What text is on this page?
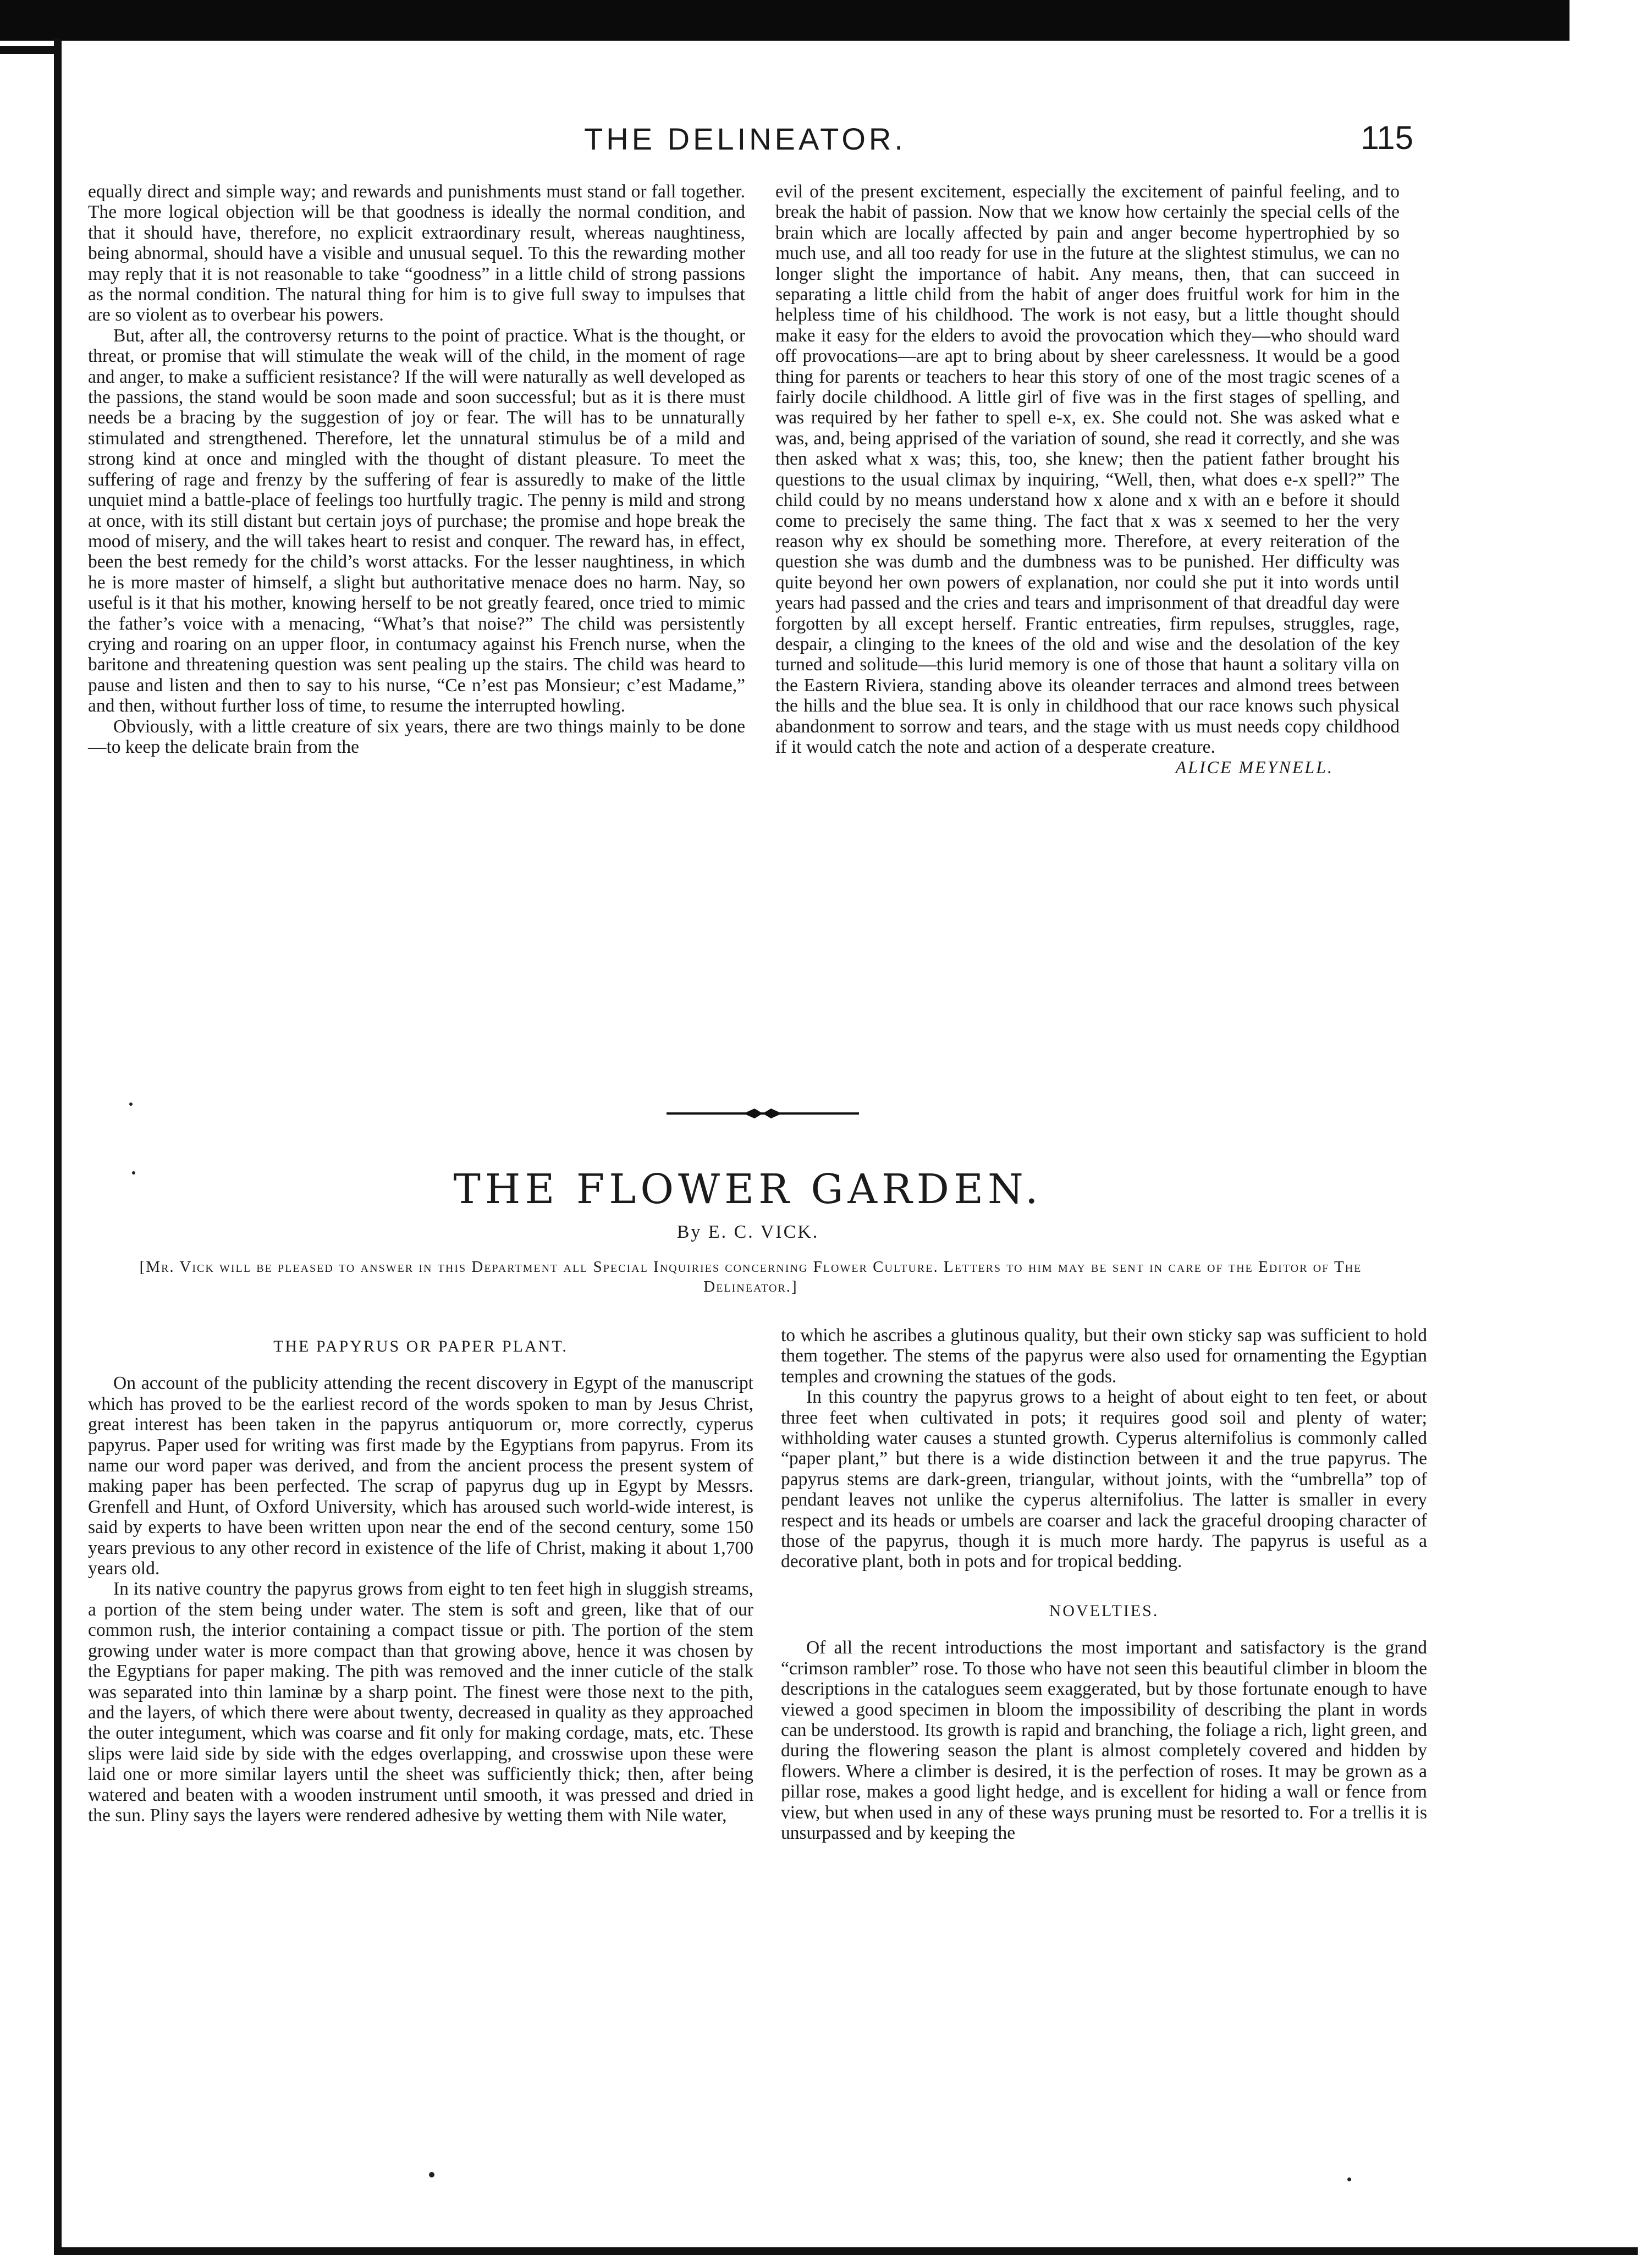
THE DELINEATOR.	115

equally direct and simple way; and rewards and punishments must stand or fall together. The more logical objection will be that goodness is ideally the normal condition, and that it should have, therefore, no explicit extraordinary result, whereas naughtiness, being abnormal, should have a visible and unusual sequel. To this the rewarding mother may reply that it is not reasonable to take “goodness” in a little child of strong passions as the normal condition. The natural thing for him is to give full sway to impulses that are so violent as to overbear his powers.

But, after all, the controversy returns to the point of practice. What is the thought, or threat, or promise that will stimulate the weak will of the child, in the moment of rage and anger, to make a sufficient resistance? If the will were naturally as well developed as the passions, the stand would be soon made and soon successful; but as it is there must needs be a bracing by the suggestion of joy or fear. The will has to be unnaturally stimulated and strengthened. Therefore, let the unnatural stimulus be of a mild and strong kind at once and mingled with the thought of distant pleasure. To meet the suffering of rage and frenzy by the suffering of fear is assuredly to make of the little unquiet mind a battle-place of feelings too hurtfully tragic. The penny is mild and strong at once, with its still distant but certain joys of purchase; the promise and hope break the mood of misery, and the will takes heart to resist and conquer. The reward has, in effect, been the best remedy for the child’s worst attacks. For the lesser naughtiness, in which he is more master of himself, a slight but authoritative menace does no harm. Nay, so useful is it that his mother, knowing herself to be not greatly feared, once tried to mimic the father’s voice with a menacing, “What’s that noise?” The child was persistently crying and roaring on an upper floor, in contumacy against his French nurse, when the baritone and threatening question was sent pealing up the stairs. The child was heard to pause and listen and then to say to his nurse, “Ce n’est pas Monsieur; c’est Madame,” and then, without further loss of time, to resume the interrupted howling.

Obviously, with a little creature of six years, there are two things mainly to be done—to keep the delicate brain from the

evil of the present excitement, especially the excitement of painful feeling, and to break the habit of passion. Now that we know how certainly the special cells of the brain which are locally affected by pain and anger become hypertrophied by so much use, and all too ready for use in the future at the slightest stimulus, we can no longer slight the importance of habit. Any means, then, that can succeed in separating a little child from the habit of anger does fruitful work for him in the helpless time of his childhood. The work is not easy, but a little thought should make it easy for the elders to avoid the provocation which they—who should ward off provocations—are apt to bring about by sheer carelessness. It would be a good thing for parents or teachers to hear this story of one of the most tragic scenes of a fairly docile childhood. A little girl of five was in the first stages of spelling, and was required by her father to spell e-x, ex. She could not. She was asked what e was, and, being apprised of the variation of sound, she read it correctly, and she was then asked what x was; this, too, she knew; then the patient father brought his questions to the usual climax by inquiring, “Well, then, what does e-x spell?” The child could by no means understand how x alone and x with an e before it should come to precisely the same thing. The fact that x was x seemed to her the very reason why ex should be something more. Therefore, at every reiteration of the question she was dumb and the dumbness was to be punished. Her difficulty was quite beyond her own powers of explanation, nor could she put it into words until years had passed and the cries and tears and imprisonment of that dreadful day were forgotten by all except herself. Frantic entreaties, firm repulses, struggles, rage, despair, a clinging to the knees of the old and wise and the desolation of the key turned and solitude—this lurid memory is one of those that haunt a solitary villa on the Eastern Riviera, standing above its oleander terraces and almond trees between the hills and the blue sea. It is only in childhood that our race knows such physical abandonment to sorrow and tears, and the stage with us must needs copy childhood if it would catch the note and action of a desperate creature.

ALICE MEYNELL.
THE FLOWER GARDEN.
By E. C. VICK.
[Mr. Vick will be pleased to answer in this Department all Special Inquiries concerning Flower Culture. Letters to him may be sent in care of the Editor of The Delineator.]
THE PAPYRUS OR PAPER PLANT.

On account of the publicity attending the recent discovery in Egypt of the manuscript which has proved to be the earliest record of the words spoken to man by Jesus Christ, great interest has been taken in the papyrus antiquorum or, more correctly, cyperus papyrus. Paper used for writing was first made by the Egyptians from papyrus. From its name our word paper was derived, and from the ancient process the present system of making paper has been perfected. The scrap of papyrus dug up in Egypt by Messrs. Grenfell and Hunt, of Oxford University, which has aroused such world-wide interest, is said by experts to have been written upon near the end of the second century, some 150 years previous to any other record in existence of the life of Christ, making it about 1,700 years old.

In its native country the papyrus grows from eight to ten feet high in sluggish streams, a portion of the stem being under water. The stem is soft and green, like that of our common rush, the interior containing a compact tissue or pith. The portion of the stem growing under water is more compact than that growing above, hence it was chosen by the Egyptians for paper making. The pith was removed and the inner cuticle of the stalk was separated into thin laminæ by a sharp point. The finest were those next to the pith, and the layers, of which there were about twenty, decreased in quality as they approached the outer integument, which was coarse and fit only for making cordage, mats, etc. These slips were laid side by side with the edges overlapping, and crosswise upon these were laid one or more similar layers until the sheet was sufficiently thick; then, after being watered and beaten with a wooden instrument until smooth, it was pressed and dried in the sun. Pliny says the layers were rendered adhesive by wetting them with Nile water,

to which he ascribes a glutinous quality, but their own sticky sap was sufficient to hold them together. The stems of the papyrus were also used for ornamenting the Egyptian temples and crowning the statues of the gods.

In this country the papyrus grows to a height of about eight to ten feet, or about three feet when cultivated in pots; it requires good soil and plenty of water; withholding water causes a stunted growth. Cyperus alternifolius is commonly called “paper plant,” but there is a wide distinction between it and the true papyrus. The papyrus stems are dark-green, triangular, without joints, with the “umbrella” top of pendant leaves not unlike the cyperus alternifolius. The latter is smaller in every respect and its heads or umbels are coarser and lack the graceful drooping character of those of the papyrus, though it is much more hardy. The papyrus is useful as a decorative plant, both in pots and for tropical bedding.

NOVELTIES.

Of all the recent introductions the most important and satisfactory is the grand “crimson rambler” rose. To those who have not seen this beautiful climber in bloom the descriptions in the catalogues seem exaggerated, but by those fortunate enough to have viewed a good specimen in bloom the impossibility of describing the plant in words can be understood. Its growth is rapid and branching, the foliage a rich, light green, and during the flowering season the plant is almost completely covered and hidden by flowers. Where a climber is desired, it is the perfection of roses. It may be grown as a pillar rose, makes a good light hedge, and is excellent for hiding a wall or fence from view, but when used in any of these ways pruning must be resorted to. For a trellis it is unsurpassed and by keeping the
